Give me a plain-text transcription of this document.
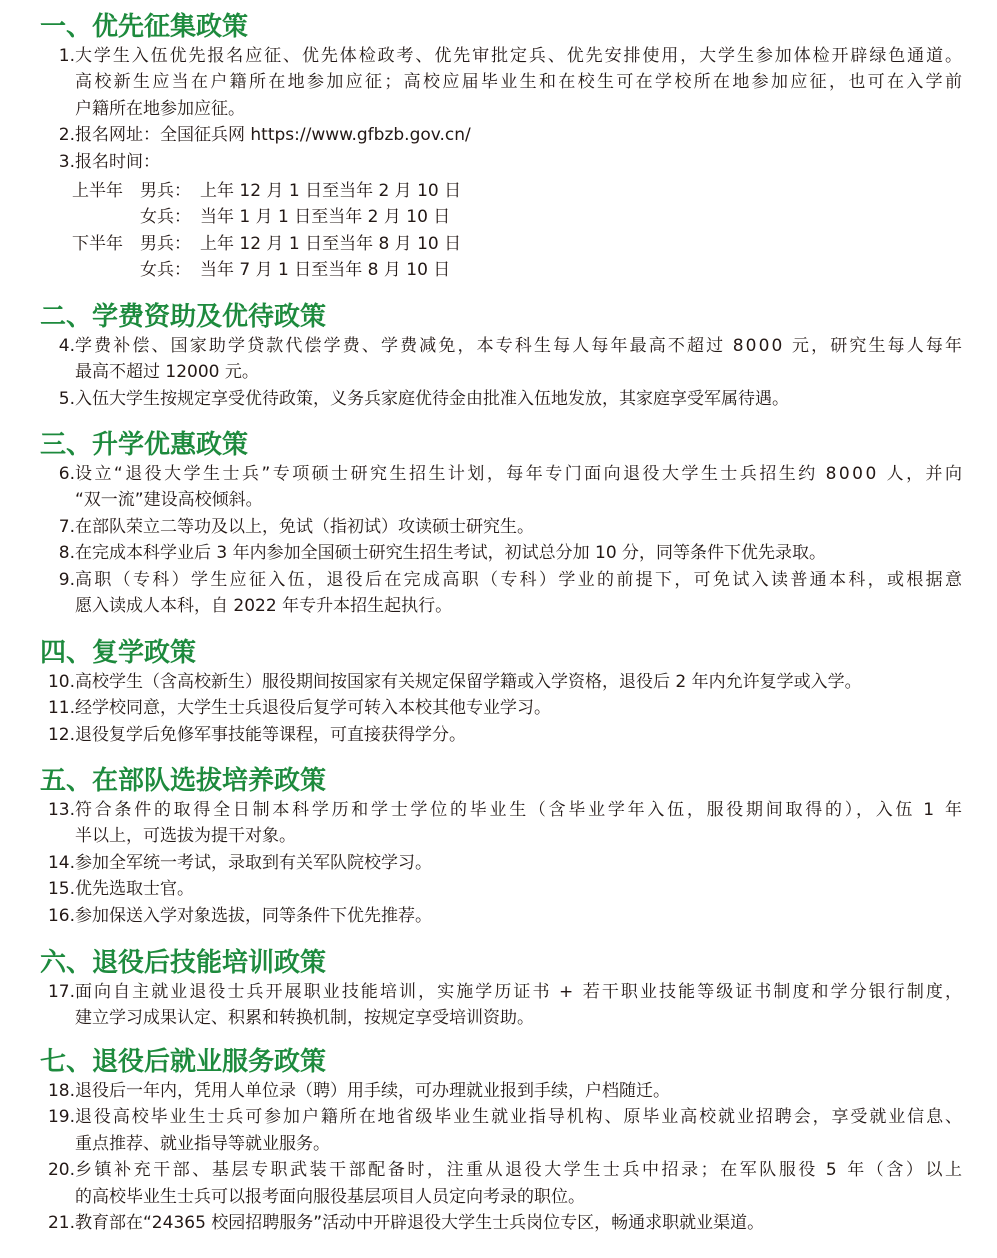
一、优先征集政策
1. 大学生入伍优先报名应征、优先体检政考、优先审批定兵、优先安排使用，大学生参加体检开辟绿色通道。
高校新生应当在户籍所在地参加应征；高校应届毕业生和在校生可在学校所在地参加应征，也可在入学前
户籍所在地参加应征。
2. 报名网址：全国征兵网 https://www.gfbzb.gov.cn/
3. 报名时间：
上半年 男兵： 上年 12 月 1 日至当年 2 月 10 日
女兵： 当年 1 月 1 日至当年 2 月 10 日
下半年 男兵： 上年 12 月 1 日至当年 8 月 10 日
女兵： 当年 7 月 1 日至当年 8 月 10 日
二、学费资助及优待政策
4. 学费补偿、国家助学贷款代偿学费、学费减免，本专科生每人每年最高不超过 8000 元，研究生每人每年
最高不超过 12000 元。
5. 入伍大学生按规定享受优待政策，义务兵家庭优待金由批准入伍地发放，其家庭享受军属待遇。
三、升学优惠政策
6. 设立“退役大学生士兵”专项硕士研究生招生计划，每年专门面向退役大学生士兵招生约 8000 人，并向
“双一流”建设高校倾斜。
7. 在部队荣立二等功及以上，免试（指初试）攻读硕士研究生。
8. 在完成本科学业后 3 年内参加全国硕士研究生招生考试，初试总分加 10 分，同等条件下优先录取。
9. 高职（专科）学生应征入伍，退役后在完成高职（专科）学业的前提下，可免试入读普通本科，或根据意
愿入读成人本科，自 2022 年专升本招生起执行。
四、复学政策
10. 高校学生（含高校新生）服役期间按国家有关规定保留学籍或入学资格，退役后 2 年内允许复学或入学。
11. 经学校同意，大学生士兵退役后复学可转入本校其他专业学习。
12. 退役复学后免修军事技能等课程，可直接获得学分。
五、在部队选拔培养政策
13. 符合条件的取得全日制本科学历和学士学位的毕业生（含毕业学年入伍，服役期间取得的），入伍 1 年
半以上，可选拔为提干对象。
14. 参加全军统一考试，录取到有关军队院校学习。
15. 优先选取士官。
16. 参加保送入学对象选拔，同等条件下优先推荐。
六、退役后技能培训政策
17. 面向自主就业退役士兵开展职业技能培训，实施学历证书 + 若干职业技能等级证书制度和学分银行制度，
建立学习成果认定、积累和转换机制，按规定享受培训资助。
七、退役后就业服务政策
18. 退役后一年内，凭用人单位录（聘）用手续，可办理就业报到手续，户档随迁。
19. 退役高校毕业生士兵可参加户籍所在地省级毕业生就业指导机构、原毕业高校就业招聘会，享受就业信息、
重点推荐、就业指导等就业服务。
20. 乡镇补充干部、基层专职武装干部配备时，注重从退役大学生士兵中招录；在军队服役 5 年（含）以上
的高校毕业生士兵可以报考面向服役基层项目人员定向考录的职位。
21. 教育部在“24365 校园招聘服务”活动中开辟退役大学生士兵岗位专区，畅通求职就业渠道。
